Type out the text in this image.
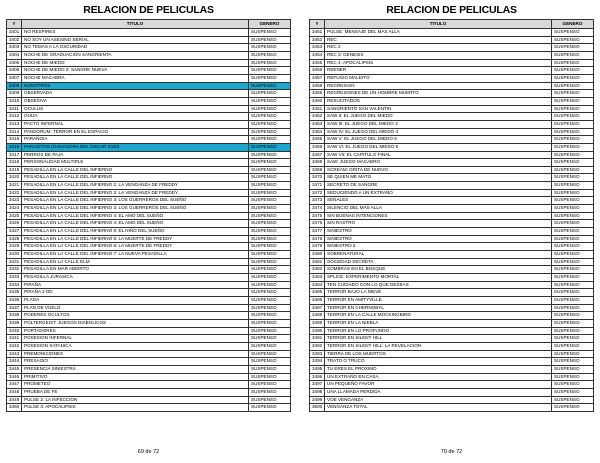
RELACION DE PELICULAS
#	TITULO	GENERO
3401	NO RESPIRES	SUSPENSO
3402	NO SOY UN ASESINO SERIAL	SUSPENSO
3403	NO TEMAS A LA OSCURIDAD	SUSPENSO
3404	NOCHE DE GRADUACION SANGRIENTA	SUSPENSO
3405	NOCHE DE MIEDO	SUSPENSO
3406	NOCHE DE MIEDO 2: SANGRE NUEVA	SUSPENSO
3407	NOCHE MACABRA	SUSPENSO
3408	NOSOTROS	SUSPENSO
3409	OBSERVADA	SUSPENSO
3410	OBSESIVA	SUSPENSO
3411	OCULUS	SUSPENSO
3412	OUIJA	SUSPENSO
3413	PACTO INFERNAL	SUSPENSO
3414	PANDORUM: TERROR EN EL ESPACIO	SUSPENSO
3415	PARANOIA	SUSPENSO
3416	PARASITOS (GANADORA DEL OSCAR 2020)	SUSPENSO
3417	PERROS DE PAJA	SUSPENSO
3418	PERSONALIDAD MULTIPLE	SUSPENSO
3419	PESADILLA EN LA CALLE DEL INFIERNO	SUSPENSO
3420	PESADILLA EN LA CALLE DEL INFIERNO	SUSPENSO
3421	PESADILLA EN LA CALLE DEL INFIERNO 2: LA VENGANZA DE FREDDY	SUSPENSO
3422	PESADILLA EN LA CALLE DEL INFIERNO 2: LA VENGANZA DE FREDDY	SUSPENSO
3423	PESADILLA EN LA CALLE DEL INFIERNO 3: LOS GUERREROS DEL SUEÑO	SUSPENSO
3424	PESADILLA EN LA CALLE DEL INFIERNO 3: LOS GUERREROS DEL SUEÑO	SUSPENSO
3425	PESADILLA EN LA CALLE DEL INFIERNO 4: EL AMO DEL SUEÑO	SUSPENSO
3426	PESADILLA EN LA CALLE DEL INFIERNO 4: EL AMO DEL SUEÑO	SUSPENSO
3427	PESADILLA EN LA CALLE DEL INFIERNO 5: EL NIÑO DEL SUEÑO	SUSPENSO
3428	PESADILLA EN LA CALLE DEL INFIERNO 6: LA MUERTE DE FREDDY	SUSPENSO
3429	PESADILLA EN LA CALLE DEL INFIERNO 6: LA MUERTE DE FREDDY	SUSPENSO
3430	PESADILLA EN LA CALLE DEL INFIERNO 7: LA NUEVA PESADILLA	SUSPENSO
3431	PESADILLA EN LA CALLE ELM	SUSPENSO
3432	PESADILLA EN MAR ABIERTO	SUSPENSO
3433	PESADILLA JURASICA	SUSPENSO
3434	PIRAÑA	SUSPENSO
3435	PIRAÑA 2 DD	SUSPENSO
3436	PLAGA	SUSPENSO
3437	PLAN DE VUELO	SUSPENSO
3438	PODERES OCULTOS	SUSPENSO
3439	POLTERGEIST: JUEGOS DIABOLICOS	SUSPENSO
3440	PORTADORES	SUSPENSO
3441	POSESION INFERNAL	SUSPENSO
3442	POSESION SATANICA	SUSPENSO
3443	PREMONICIONES	SUSPENSO
3444	PRESAGIO	SUSPENSO
3445	PRESENCIA SINIESTRA	SUSPENSO
3446	PRIMITIVO	SUSPENSO
3447	PROMETEO	SUSPENSO
3448	PRUEBA DE FE	SUSPENSO
3449	PULSE 2: LA INFECCION	SUSPENSO
3450	PULSE 3: APOCALIPSIS	SUSPENSO
69 de 72
RELACION DE PELICULAS
#	TITULO	GENERO
3451	PULSE: MENSAJE DEL MAS ALLA	SUSPENSO
3452	REC	SUSPENSO
3453	REC 2	SUSPENSO
3454	REC 3: GENESIS	SUSPENSO
3455	REC 4: APOCALIPSIS	SUSPENSO
3456	REENER	SUSPENSO
3457	REFUGIO MALDITO	SUSPENSO
3458	REGRESION	SUSPENSO
3459	REGRESIONES DE UN HOMBRE MUERTO	SUSPENSO
3460	RESUCITADOS	SUSPENSO
3461	SANGRIENTO SAN VALENTIN	SUSPENSO
3462	SAW II: EL JUEGO DEL MIEDO	SUSPENSO
3463	SAW III: EL JUEGO DEL MIEDO 3	SUSPENSO
3464	SAW IV: EL JUEGO DEL MIEDO 4	SUSPENSO
3465	SAW V: EL JUEGO DEL MIEDO 5	SUSPENSO
3466	SAW VI: EL JUEGO DEL MIEDO 6	SUSPENSO
3467	SAW VII: EL CAPITULO FINAL	SUSPENSO
3468	SAW: JUEGO MACABRO	SUSPENSO
3469	SCREAM: GRITA DE NUEVO	SUSPENSO
3470	SE QUIEN ME MATO	SUSPENSO
3471	SECRETO DE SANGRE	SUSPENSO
3472	SEDUCIENDO A UN EXTRAÑO	SUSPENSO
3473	SEÑALES	SUSPENSO
3474	SILENCIO DEL MAS ALLA	SUSPENSO
3475	SIN BUENAS INTENCIONES	SUSPENSO
3476	SIN RASTRO	SUSPENSO
3477	SINIESTRO	SUSPENSO
3478	SINIESTRO	SUSPENSO
3479	SINIESTRO 2	SUSPENSO
3480	SOBRENATURAL	SUSPENSO
3481	SOCIEDAD SECRETA	SUSPENSO
3482	SOMBRAS EN EL BOSQUE	SUSPENSO
3483	SPLICE: EXPERIMENTO MORTAL	SUSPENSO
3484	TEN CUIDADO CON LO QUE DESEAS	SUSPENSO
3485	TERROR BAJO LA NIEVE	SUSPENSO
3486	TERROR EN AMITYVILLE	SUSPENSO
3487	TERROR EN CHERNOBYL	SUSPENSO
3488	TERROR EN LA CALLE MOCKINGBIRD	SUSPENSO
3489	TERROR EN LA NIEBLA	SUSPENSO
3490	TERROR EN LO PROFUNDO	SUSPENSO
3491	TERROR EN SILENT HILL	SUSPENSO
3492	TERROR EN SILENT HILL: LA REVELACION	SUSPENSO
3493	TIERRA DE LOS MUERTOS	SUSPENSO
3494	TRATO O TRUCO	SUSPENSO
3495	TU ERES EL PROXIMO	SUSPENSO
3496	UN EXTRAÑO EN CASA	SUSPENSO
3497	UN PEQUEÑO FAVOR	SUSPENSO
3498	UNA LLAMADA PERDIDA	SUSPENSO
3499	VOE VENGANZA	SUSPENSO
3500	VENGANZA TOTAL	SUSPENSO
70 de 72
